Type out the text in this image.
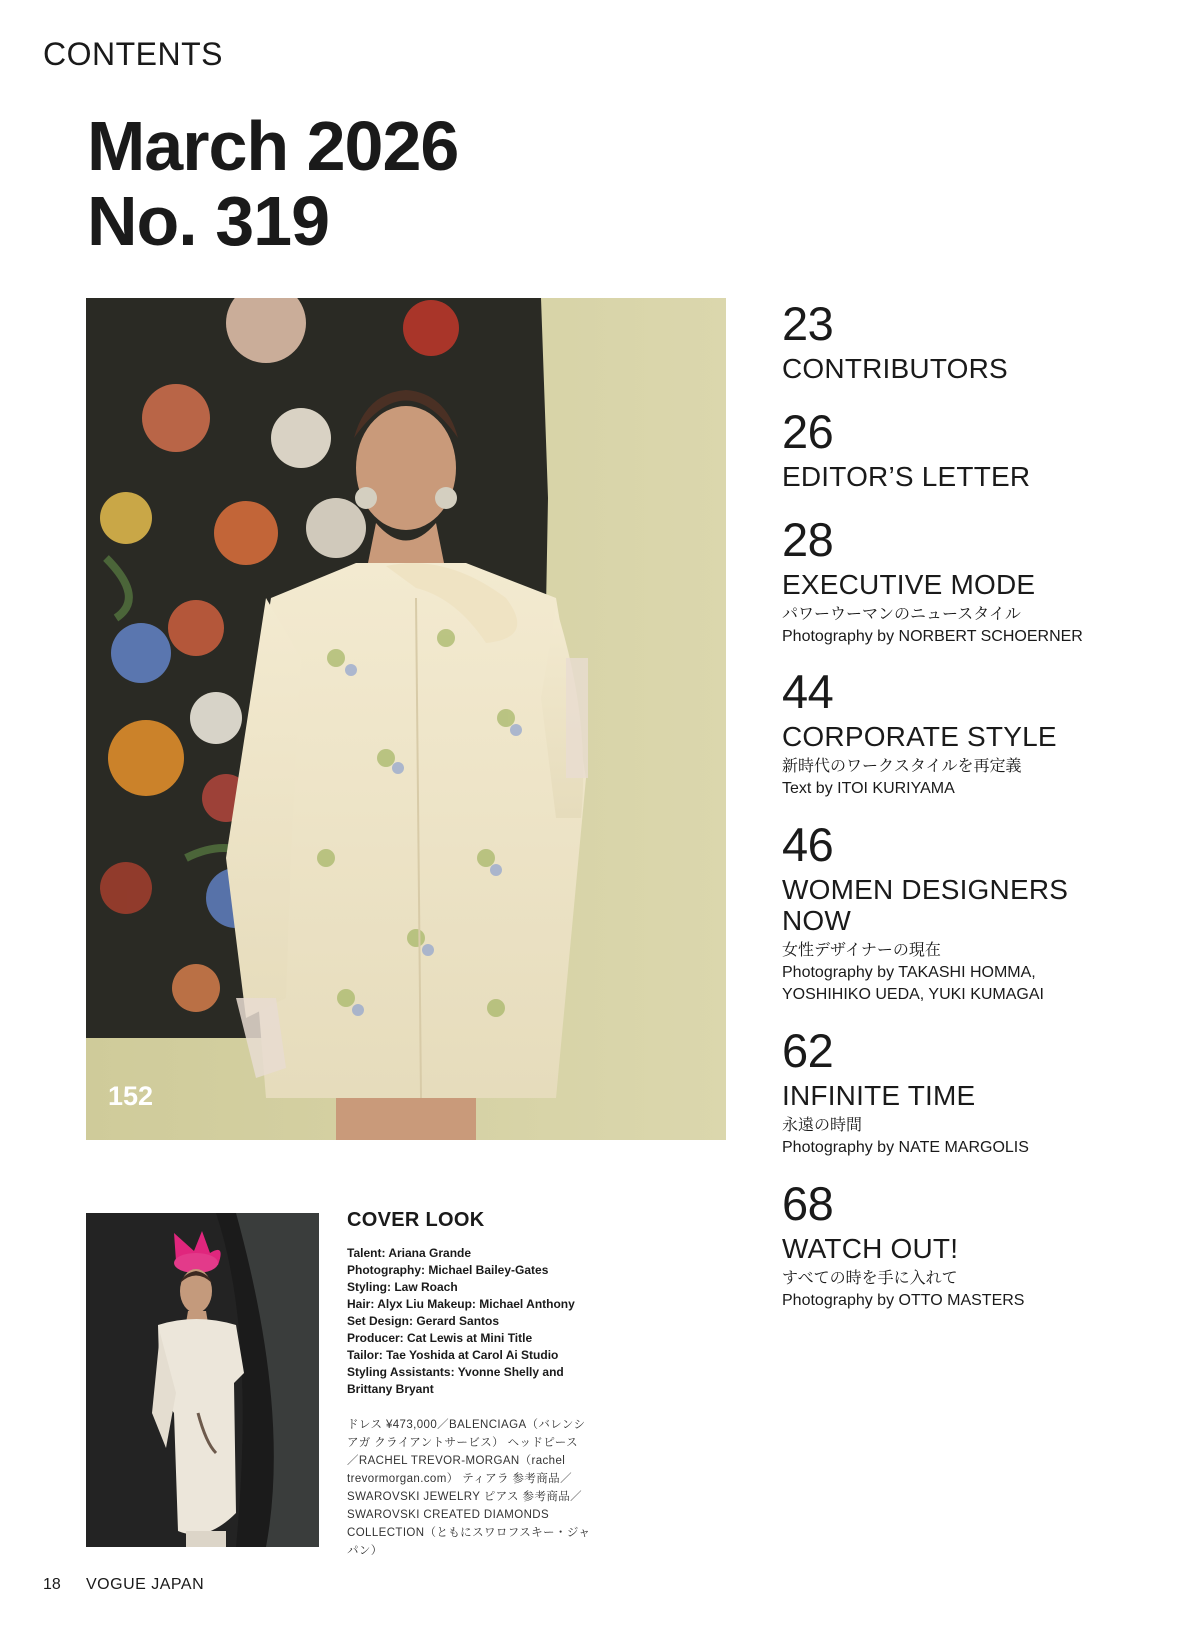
CONTENTS
March 2026
No. 319
152
23
CONTRIBUTORS
26
EDITOR’S LETTER
28
EXECUTIVE MODE
パワーウーマンのニュースタイル
Photography by NORBERT SCHOERNER
44
CORPORATE STYLE
新時代のワークスタイルを再定義
Text by ITOI KURIYAMA
46
WOMEN DESIGNERS NOW
女性デザイナーの現在
Photography by TAKASHI HOMMA,
YOSHIHIKO UEDA, YUKI KUMAGAI
62
INFINITE TIME
永遠の時間
Photography by NATE MARGOLIS
68
WATCH OUT!
すべての時を手に入れて
Photography by OTTO MASTERS
COVER LOOK
Talent: Ariana Grande
Photography: Michael Bailey-Gates
Styling: Law Roach
Hair: Alyx Liu Makeup: Michael Anthony
Set Design: Gerard Santos
Producer: Cat Lewis at Mini Title
Tailor: Tae Yoshida at Carol Ai Studio
Styling Assistants: Yvonne Shelly and
Brittany Bryant
ドレス ¥473,000／BALENCIAGA（バレンシ
アガ クライアントサービス） ヘッドピース
／RACHEL TREVOR-MORGAN（rachel
trevormorgan.com） ティアラ 参考商品／
SWAROVSKI JEWELRY ピアス 参考商品／
SWAROVSKI CREATED DIAMONDS
COLLECTION（ともにスワロフスキー・ジャパン）
18 VOGUE JAPAN
